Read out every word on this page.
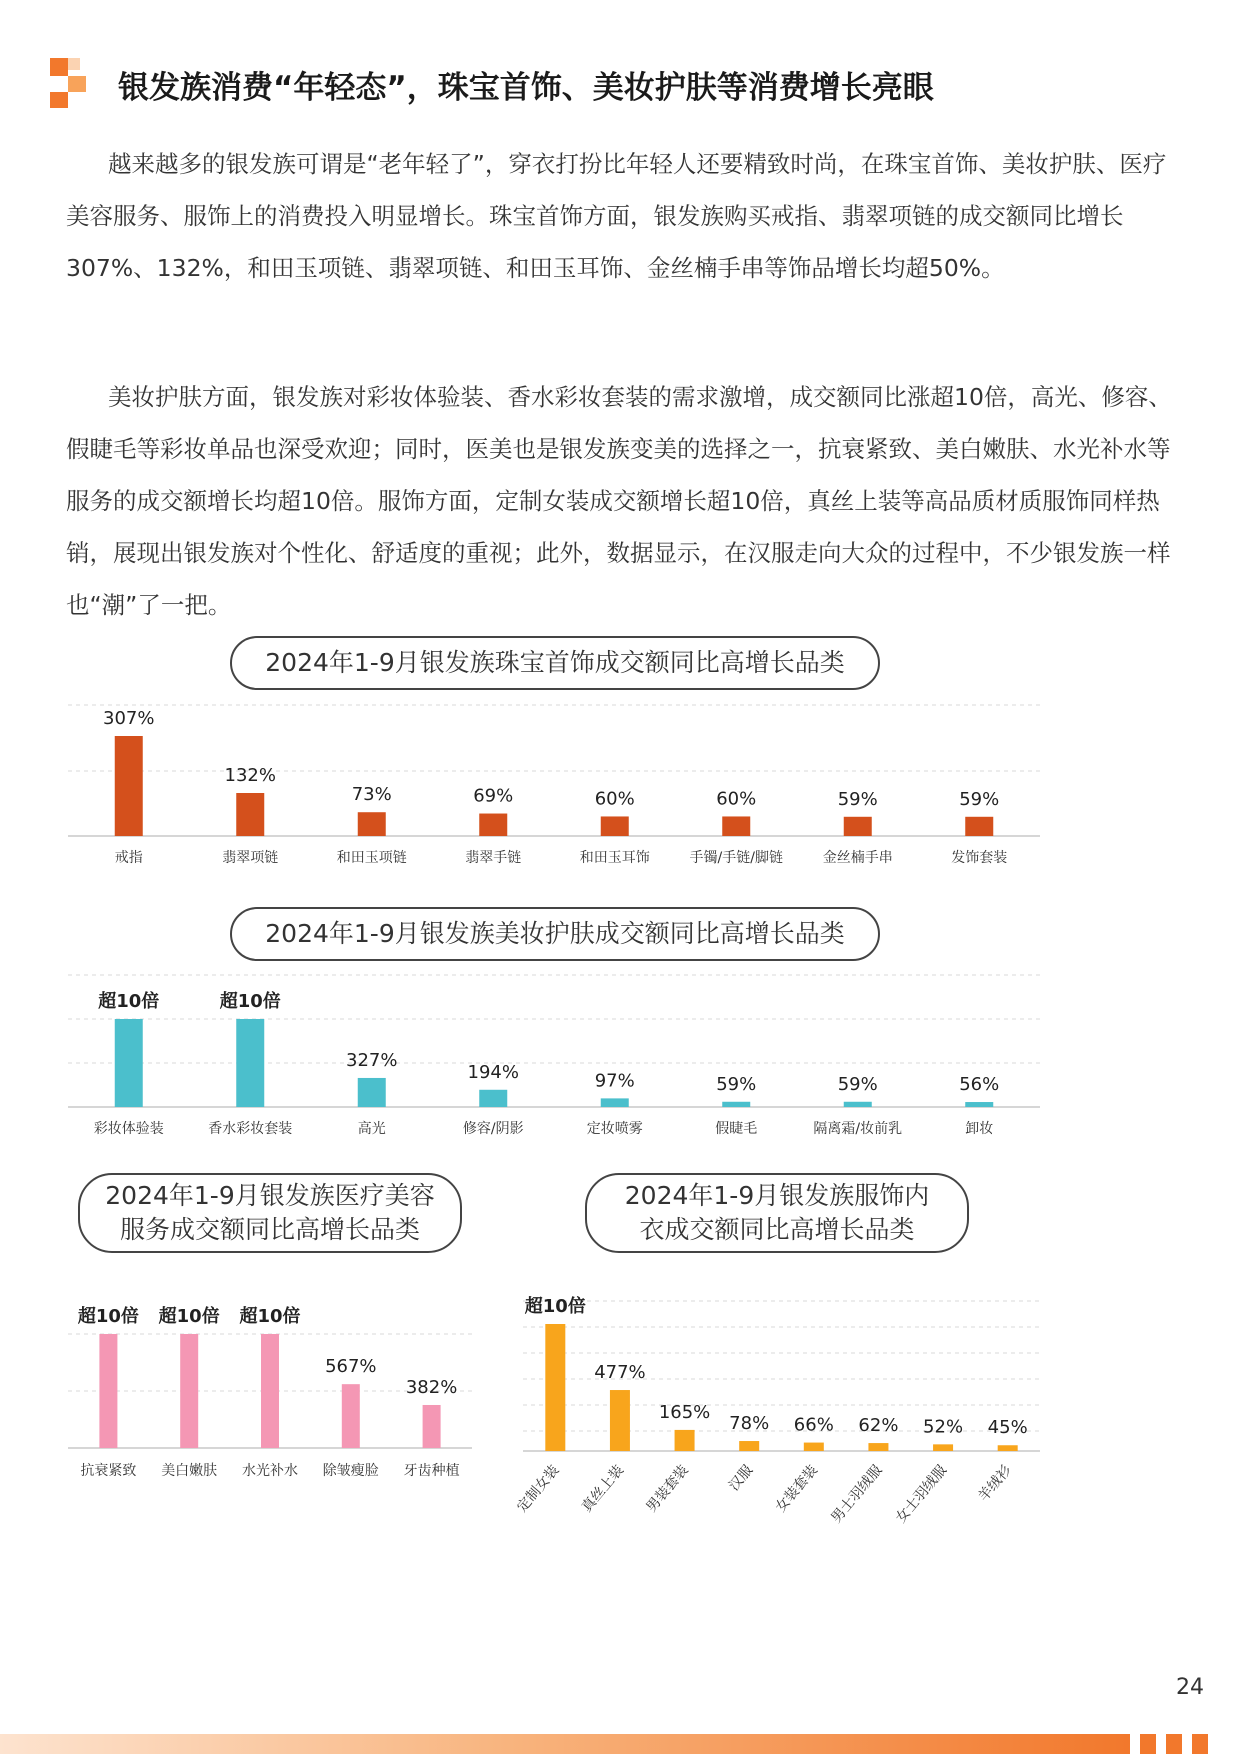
银发族消费“年轻态”，珠宝首饰、美妆护肤等消费增长亮眼

越来越多的银发族可谓是“老年轻了”，穿衣打扮比年轻人还要精致时尚，在珠宝首饰、美妆护肤、医疗美容服务、服饰上的消费投入明显增长。珠宝首饰方面，银发族购买戒指、翡翠项链的成交额同比增长307%、132%，和田玉项链、翡翠项链、和田玉耳饰、金丝楠手串等饰品增长均超50%。

美妆护肤方面，银发族对彩妆体验装、香水彩妆套装的需求激增，成交额同比涨超10倍，高光、修容、假睫毛等彩妆单品也深受欢迎；同时，医美也是银发族变美的选择之一，抗衰紧致、美白嫩肤、水光补水等服务的成交额增长均超10倍。服饰方面，定制女装成交额增长超10倍，真丝上装等高品质材质服饰同样热销，展现出银发族对个性化、舒适度的重视；此外，数据显示，在汉服走向大众的过程中，不少银发族一样也“潮”了一把。

2024年1-9月银发族珠宝首饰成交额同比高增长品类
307%
戒指
132%
翡翠项链
73%
和田玉项链
69%
翡翠手链
60%
和田玉耳饰
60%
手镯/手链/脚链
59%
金丝楠手串
59%
发饰套装
超10倍
彩妆体验装
超10倍
香水彩妆套装
327%
高光
194%
修容/阴影
97%
定妆喷雾
59%
假睫毛
59%
隔离霜/妆前乳
56%
卸妆
超10倍
抗衰紧致
超10倍
美白嫩肤
超10倍
水光补水
567%
除皱瘦脸
382%
牙齿种植
超10倍
定制女装
477%
真丝上装
165%
男装套装
78%
汉服
66%
女装套装
62%
男士羽绒服
52%
女士羽绒服
45%
羊绒衫
2024年1-9月银发族美妆护肤成交额同比高增长品类
2024年1-9月银发族医疗美容服务成交额同比高增长品类
2024年1-9月银发族服饰内衣成交额同比高增长品类
24
